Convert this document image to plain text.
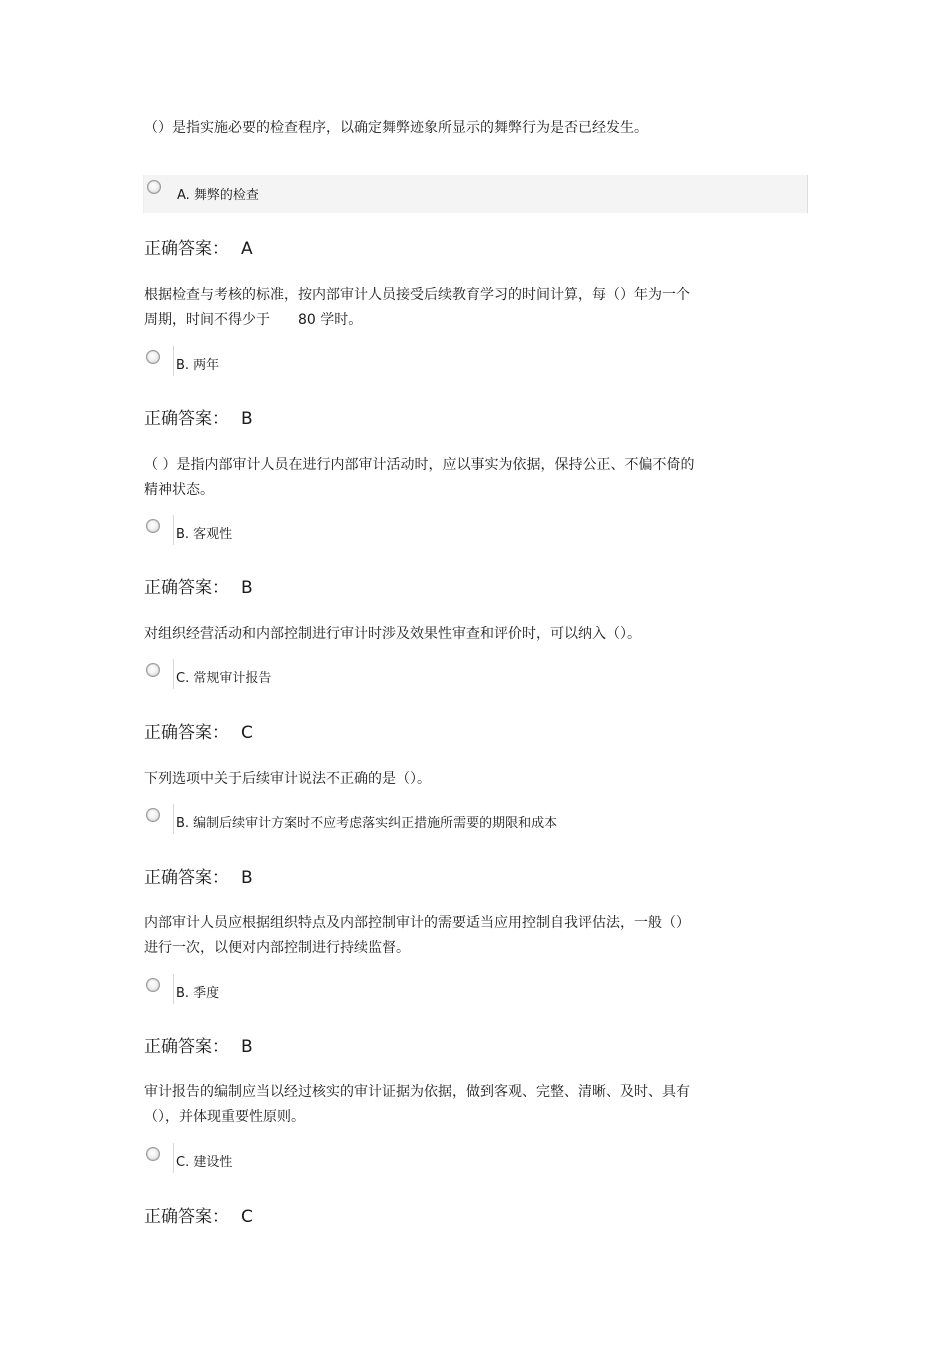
（）是指实施必要的检查程序，以确定舞弊迹象所显示的舞弊行为是否已经发生。

A. 舞弊的检查
正确答案： A

根据检查与考核的标准，按内部审计人员接受后续教育学习的时间计算，每（）年为一个
周期，时间不得少于　　80 学时。

B. 两年
正确答案： B

（ ）是指内部审计人员在进行内部审计活动时，应以事实为依据，保持公正、不偏不倚的
精神状态。

B. 客观性
正确答案： B

对组织经营活动和内部控制进行审计时涉及效果性审查和评价时，可以纳入（）。

C. 常规审计报告
正确答案： C

下列选项中关于后续审计说法不正确的是（）。

B. 编制后续审计方案时不应考虑落实纠正措施所需要的期限和成本
正确答案： B

内部审计人员应根据组织特点及内部控制审计的需要适当应用控制自我评估法，一般（）
进行一次，以便对内部控制进行持续监督。

B. 季度
正确答案： B

审计报告的编制应当以经过核实的审计证据为依据，做到客观、完整、清晰、及时、具有
（），并体现重要性原则。

C. 建设性
正确答案： C
